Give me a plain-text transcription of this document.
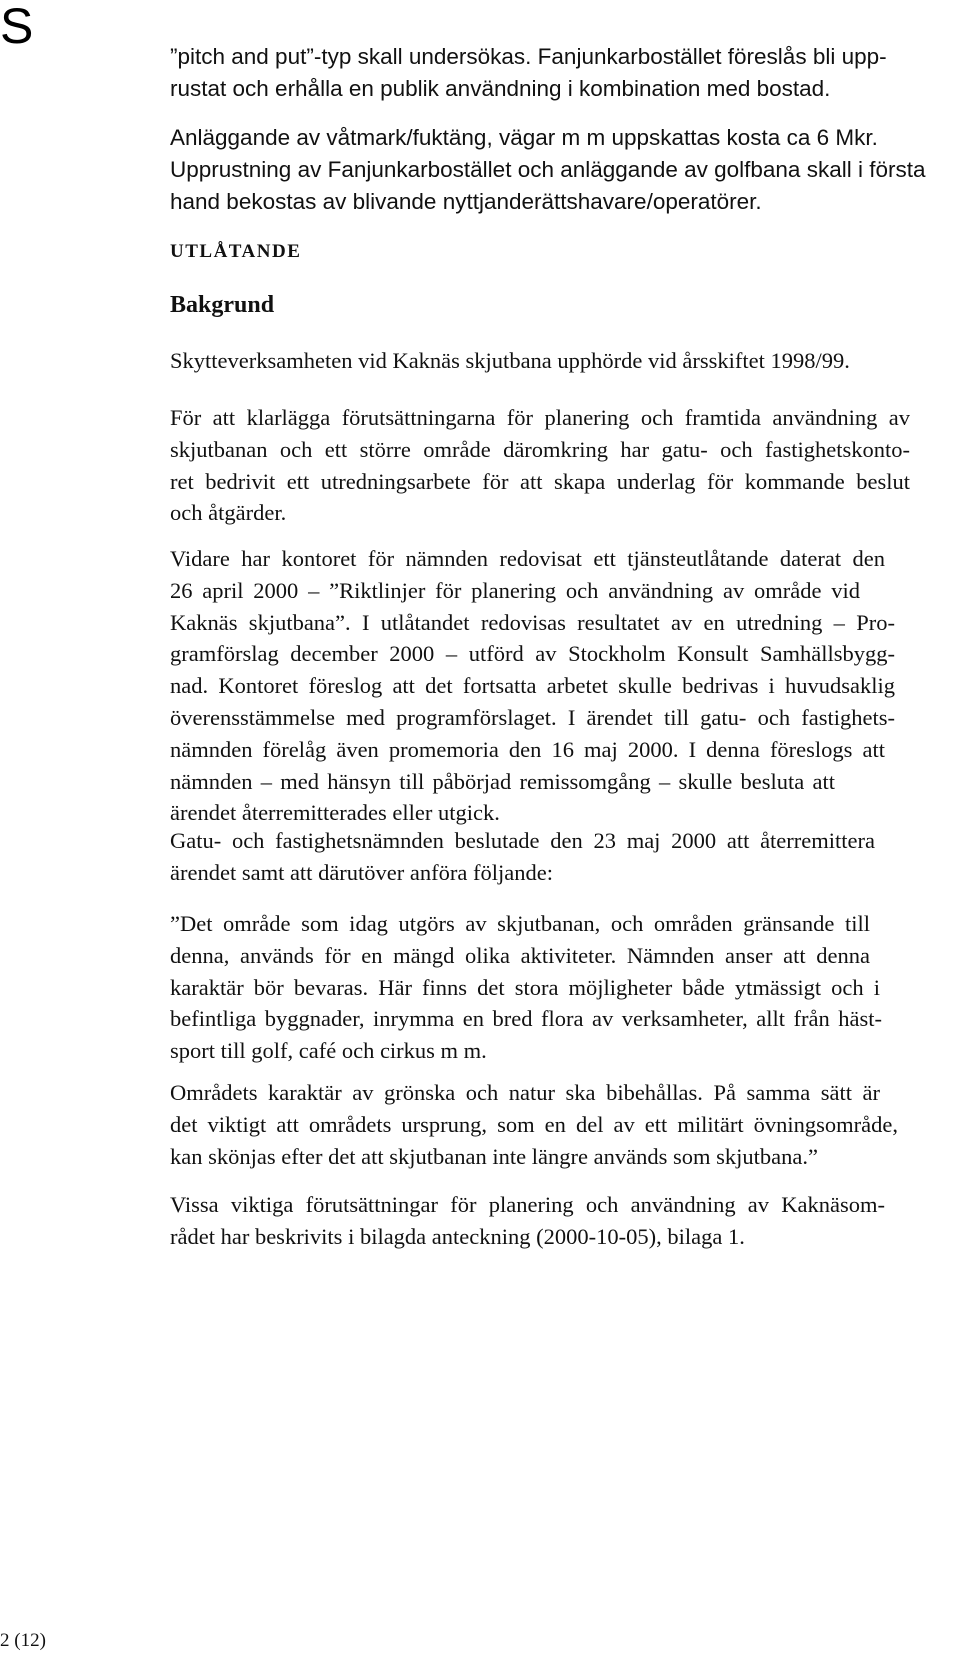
S
”pitch and put”-typ skall undersökas. Fanjunkarbostället föreslås bli upp-
rustat och erhålla en publik användning i kombination med bostad.
Anläggande av våtmark/fuktäng, vägar m m uppskattas kosta ca 6 Mkr.
Upprustning av Fanjunkarbostället och anläggande av golfbana skall i första
hand bekostas av blivande nyttjanderättshavare/operatörer.
UTLÅTANDE
Bakgrund
Skytteverksamheten vid Kaknäs skjutbana upphörde vid årsskiftet 1998/99.
För att klarlägga förutsättningarna för planering och framtida användning av
skjutbanan och ett större område däromkring har gatu- och fastighetskonto-
ret bedrivit ett utredningsarbete för att skapa underlag för kommande beslut
och åtgärder.
Vidare har kontoret för nämnden redovisat ett tjänsteutlåtande daterat den
26 april 2000 – ”Riktlinjer för planering och användning av område vid
Kaknäs skjutbana”. I utlåtandet redovisas resultatet av en utredning – Pro-
gramförslag december 2000 – utförd av Stockholm Konsult Samhällsbygg-
nad. Kontoret föreslog att det fortsatta arbetet skulle bedrivas i huvudsaklig
överensstämmelse med programförslaget. I ärendet till gatu- och fastighets-
nämnden förelåg även promemoria den 16 maj 2000. I denna föreslogs att
nämnden – med hänsyn till påbörjad remissomgång – skulle besluta att
ärendet återremitterades eller utgick.
Gatu- och fastighetsnämnden beslutade den 23 maj 2000 att återremittera
ärendet samt att därutöver anföra följande:
”Det område som idag utgörs av skjutbanan, och områden gränsande till
denna, används för en mängd olika aktiviteter. Nämnden anser att denna
karaktär bör bevaras. Här finns det stora möjligheter både ytmässigt och i
befintliga byggnader, inrymma en bred flora av verksamheter, allt från häst-
sport till golf, café och cirkus m m.
Områdets karaktär av grönska och natur ska bibehållas. På samma sätt är
det viktigt att områdets ursprung, som en del av ett militärt övningsområde,
kan skönjas efter det att skjutbanan inte längre används som skjutbana.”
Vissa viktiga förutsättningar för planering och användning av Kaknäsom-
rådet har beskrivits i bilagda anteckning (2000-10-05), bilaga 1.
2 (12)
